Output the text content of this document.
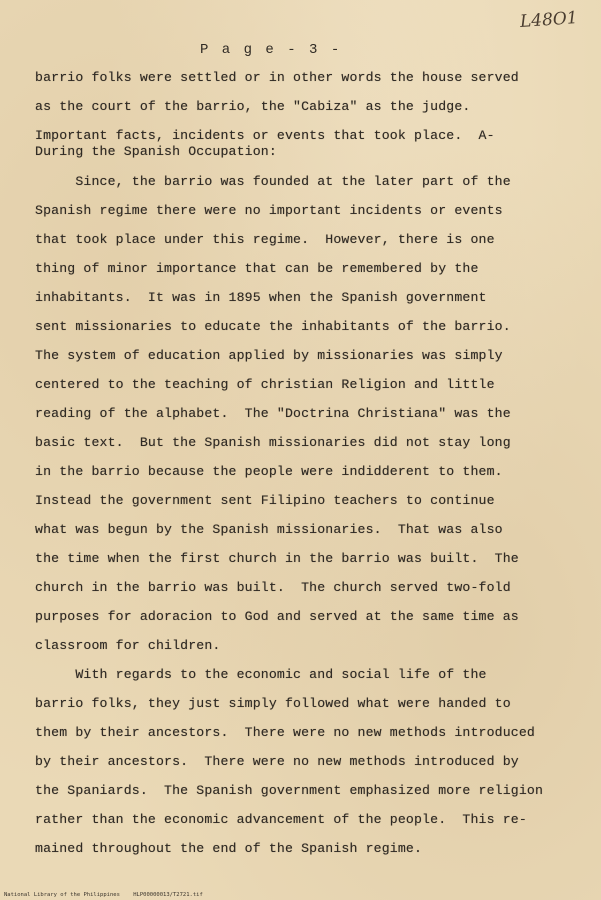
L48O1
P a g e - 3 -
barrio folks were settled or in other words the house served
as the court of the barrio, the "Cabiza" as the judge.
Important facts, incidents or events that took place.  A-
During the Spanish Occupation:
Since, the barrio was founded at the later part of the
Spanish regime there were no important incidents or events
that took place under this regime.  However, there is one
thing of minor importance that can be remembered by the
inhabitants.  It was in 1895 when the Spanish government
sent missionaries to educate the inhabitants of the barrio.
The system of education applied by missionaries was simply
centered to the teaching of christian Religion and little
reading of the alphabet.  The "Doctrina Christiana" was the
basic text.  But the Spanish missionaries did not stay long
in the barrio because the people were indidderent to them.
Instead the government sent Filipino teachers to continue
what was begun by the Spanish missionaries.  That was also
the time when the first church in the barrio was built.  The
church in the barrio was built.  The church served two-fold
purposes for adoracion to God and served at the same time as
classroom for children.
With regards to the economic and social life of the
barrio folks, they just simply followed what were handed to
them by their ancestors.  There were no new methods introduced
by their ancestors.  There were no new methods introduced by
the Spaniards.  The Spanish government emphasized more religion
rather than the economic advancement of the people.  This re-
mained throughout the end of the Spanish regime.
National Library of the Philippines HLP00000013/T2721.tif
